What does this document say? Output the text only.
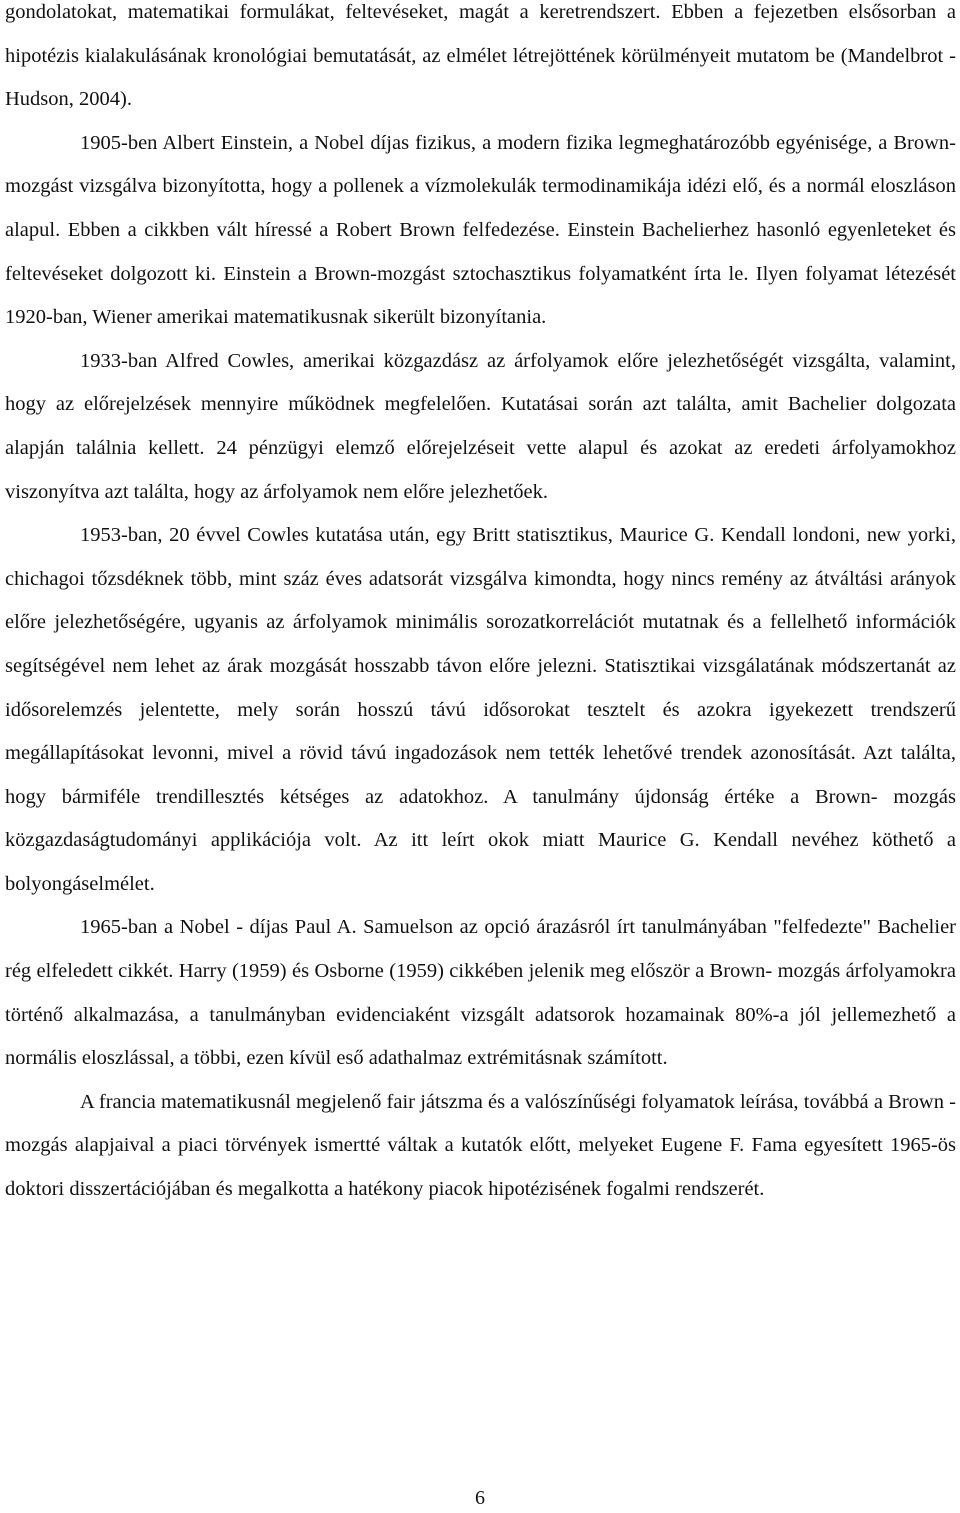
gondolatokat, matematikai formulákat, feltevéseket, magát a keretrendszert. Ebben a fejezetben elsősorban a hipotézis kialakulásának kronológiai bemutatását, az elmélet létrejöttének körülményeit mutatom be (Mandelbrot - Hudson, 2004).

1905-ben Albert Einstein, a Nobel díjas fizikus, a modern fizika legmeghatározóbb egyénisége, a Brown-mozgást vizsgálva bizonyította, hogy a pollenek a vízmolekulák termodinamikája idézi elő, és a normál eloszláson alapul. Ebben a cikkben vált híressé a Robert Brown felfedezése. Einstein Bachelierhez hasonló egyenleteket és feltevéseket dolgozott ki. Einstein a Brown-mozgást sztochasztikus folyamatként írta le. Ilyen folyamat létezését 1920-ban, Wiener amerikai matematikusnak sikerült bizonyítania.

1933-ban Alfred Cowles, amerikai közgazdász az árfolyamok előre jelezhetőségét vizsgálta, valamint, hogy az előrejelzések mennyire működnek megfelelően. Kutatásai során azt találta, amit Bachelier dolgozata alapján találnia kellett. 24 pénzügyi elemző előrejelzéseit vette alapul és azokat az eredeti árfolyamokhoz viszonyítva azt találta, hogy az árfolyamok nem előre jelezhetőek.

1953-ban, 20 évvel Cowles kutatása után, egy Britt statisztikus, Maurice G. Kendall londoni, new yorki, chichagoi tőzsdéknek több, mint száz éves adatsorát vizsgálva kimondta, hogy nincs remény az átváltási arányok előre jelezhetőségére, ugyanis az árfolyamok minimális sorozatkorrelációt mutatnak és a fellelhető információk segítségével nem lehet az árak mozgását hosszabb távon előre jelezni. Statisztikai vizsgálatának módszertanát az idősorelemzés jelentette, mely során hosszú távú idősorokat tesztelt és azokra igyekezett trendszerű megállapításokat levonni, mivel a rövid távú ingadozások nem tették lehetővé trendek azonosítását. Azt találta, hogy bármiféle trendillesztés kétséges az adatokhoz. A tanulmány újdonság értéke a Brown- mozgás közgazdaságtudományi applikációja volt. Az itt leírt okok miatt Maurice G. Kendall nevéhez köthető a bolyongáselmélet.

1965-ban a Nobel - díjas Paul A. Samuelson az opció árazásról írt tanulmányában "felfedezte" Bachelier rég elfeledett cikkét. Harry (1959) és Osborne (1959) cikkében jelenik meg először a Brown- mozgás árfolyamokra történő alkalmazása, a tanulmányban evidenciaként vizsgált adatsorok hozamainak 80%-a jól jellemezhető a normális eloszlással, a többi, ezen kívül eső adathalmaz extrémitásnak számított.

A francia matematikusnál megjelenő fair játszma és a valószínűségi folyamatok leírása, továbbá a Brown - mozgás alapjaival a piaci törvények ismertté váltak a kutatók előtt, melyeket Eugene F. Fama egyesített 1965-ös doktori disszertációjában és megalkotta a hatékony piacok hipotézisének fogalmi rendszerét.

6
